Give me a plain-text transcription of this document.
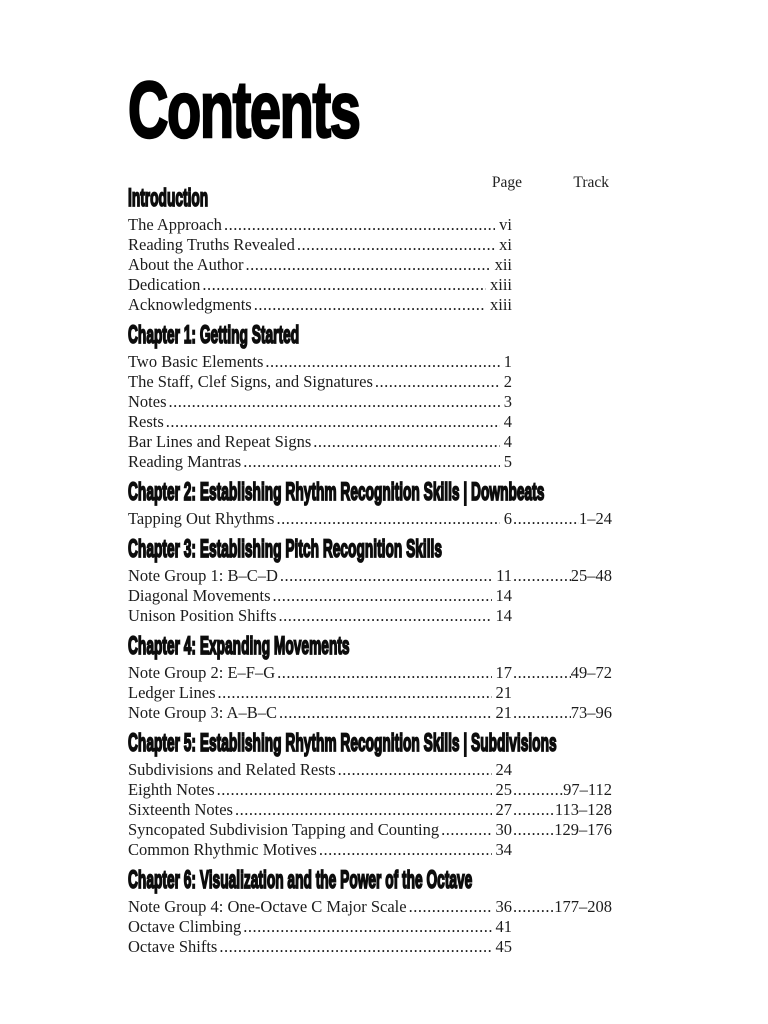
Contents
Page	Track
Introduction
The Approach .....	vi
Reading Truths Revealed .....	xi
About the Author .....	xii
Dedication .....	xiii
Acknowledgments .....	xiii
Chapter 1: Getting Started
Two Basic Elements .....	1
The Staff, Clef Signs, and Signatures .....	2
Notes .....	3
Rests .....	4
Bar Lines and Repeat Signs .....	4
Reading Mantras .....	5
Chapter 2: Establishing Rhythm Recognition Skills | Downbeats
Tapping Out Rhythms .....	6 .....	1–24
Chapter 3: Establishing Pitch Recognition Skills
Note Group 1: B–C–D .....	11 .....	25–48
Diagonal Movements .....	14
Unison Position Shifts .....	14
Chapter 4: Expanding Movements
Note Group 2: E–F–G .....	17 .....	49–72
Ledger Lines .....	21
Note Group 3: A–B–C .....	21 .....	73–96
Chapter 5: Establishing Rhythm Recognition Skills | Subdivisions
Subdivisions and Related Rests .....	24
Eighth Notes .....	25 .....	97–112
Sixteenth Notes .....	27 .....	113–128
Syncopated Subdivision Tapping and Counting .....	30 .....	129–176
Common Rhythmic Motives .....	34
Chapter 6: Visualization and the Power of the Octave
Note Group 4: One-Octave C Major Scale .....	36 .....	177–208
Octave Climbing .....	41
Octave Shifts .....	45
